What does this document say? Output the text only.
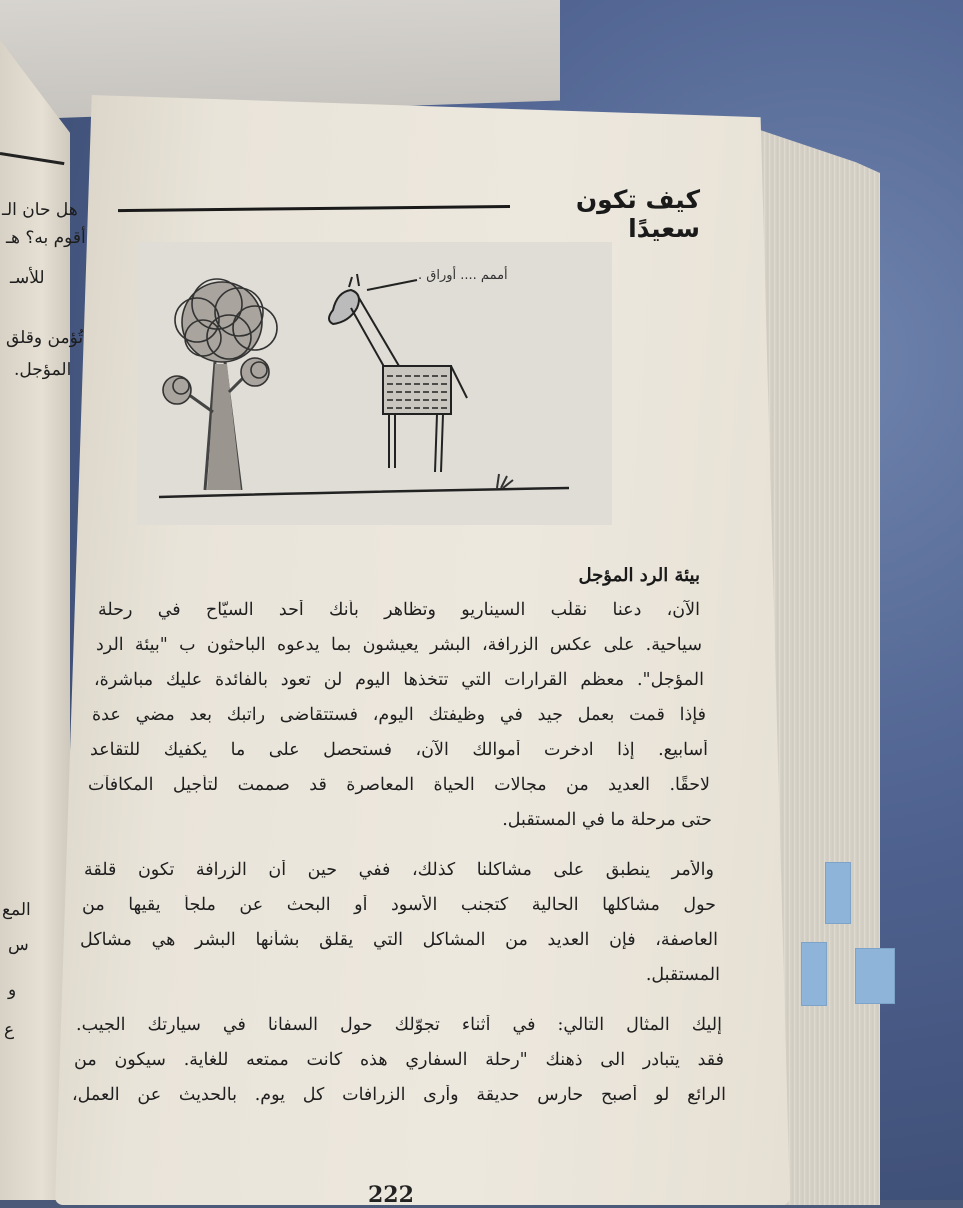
هل حان الـ
أقوم به؟ هـ
للأسـ
تُؤمن وقلق
المؤجل.
المع
س
و
ع
كيف تكون سعيدًا
أممم .... أوراق .
بيئة الرد المؤجل
الآن، دعنا نقلّب السيناريو وتظاهر بأنك أحد السيّاح في رحلة
سياحية. على عكس الزرافة، البشر يعيشون بما يدعوه الباحثون ب "بيئة الرد
المؤجل". معظم القرارات التي تتخذها اليوم لن تعود بالفائدة عليك مباشرة،
فإذا قمت بعمل جيد في وظيفتك اليوم، فستتقاضى راتبك بعد مضي عدة
أسابيع. إذا ادخرت أموالك الآن، فستحصل على ما يكفيك للتقاعد
لاحقًا. العديد من مجالات الحياة المعاصرة قد صممت لتأجيل المكافآت
حتى مرحلة ما في المستقبل.
والأمر ينطبق على مشاكلنا كذلك، ففي حين أن الزرافة تكون قلقة
حول مشاكلها الحالية كتجنب الأسود أو البحث عن ملجأ يقيها من
العاصفة، فإن العديد من المشاكل التي يقلق بشأنها البشر هي مشاكل
المستقبل.
إليك المثال التالي: في أثناء تجوّلك حول السفانا في سيارتك الجيب.
فقد يتبادر الى ذهنك "رحلة السفاري هذه كانت ممتعه للغاية. سيكون من
الرائع لو أصبح حارس حديقة وأرى الزرافات كل يوم. بالحديث عن العمل،
222
